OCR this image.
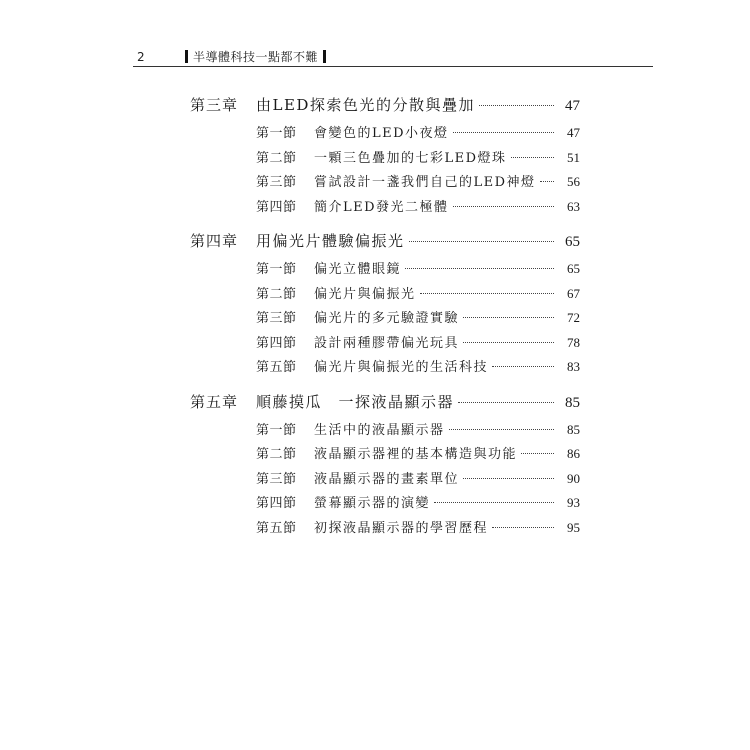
2	半導體科技一點都不難
第三章	由LED探索色光的分散與疊加	47
第一節	會變色的LED小夜燈	47
第二節	一顆三色疊加的七彩LED燈珠	51
第三節	嘗試設計一盞我們自己的LED神燈	56
第四節	簡介LED發光二極體	63
第四章	用偏光片體驗偏振光	65
第一節	偏光立體眼鏡	65
第二節	偏光片與偏振光	67
第三節	偏光片的多元驗證實驗	72
第四節	設計兩種膠帶偏光玩具	78
第五節	偏光片與偏振光的生活科技	83
第五章	順藤摸瓜　一探液晶顯示器	85
第一節	生活中的液晶顯示器	85
第二節	液晶顯示器裡的基本構造與功能	86
第三節	液晶顯示器的畫素單位	90
第四節	螢幕顯示器的演變	93
第五節	初探液晶顯示器的學習歷程	95
